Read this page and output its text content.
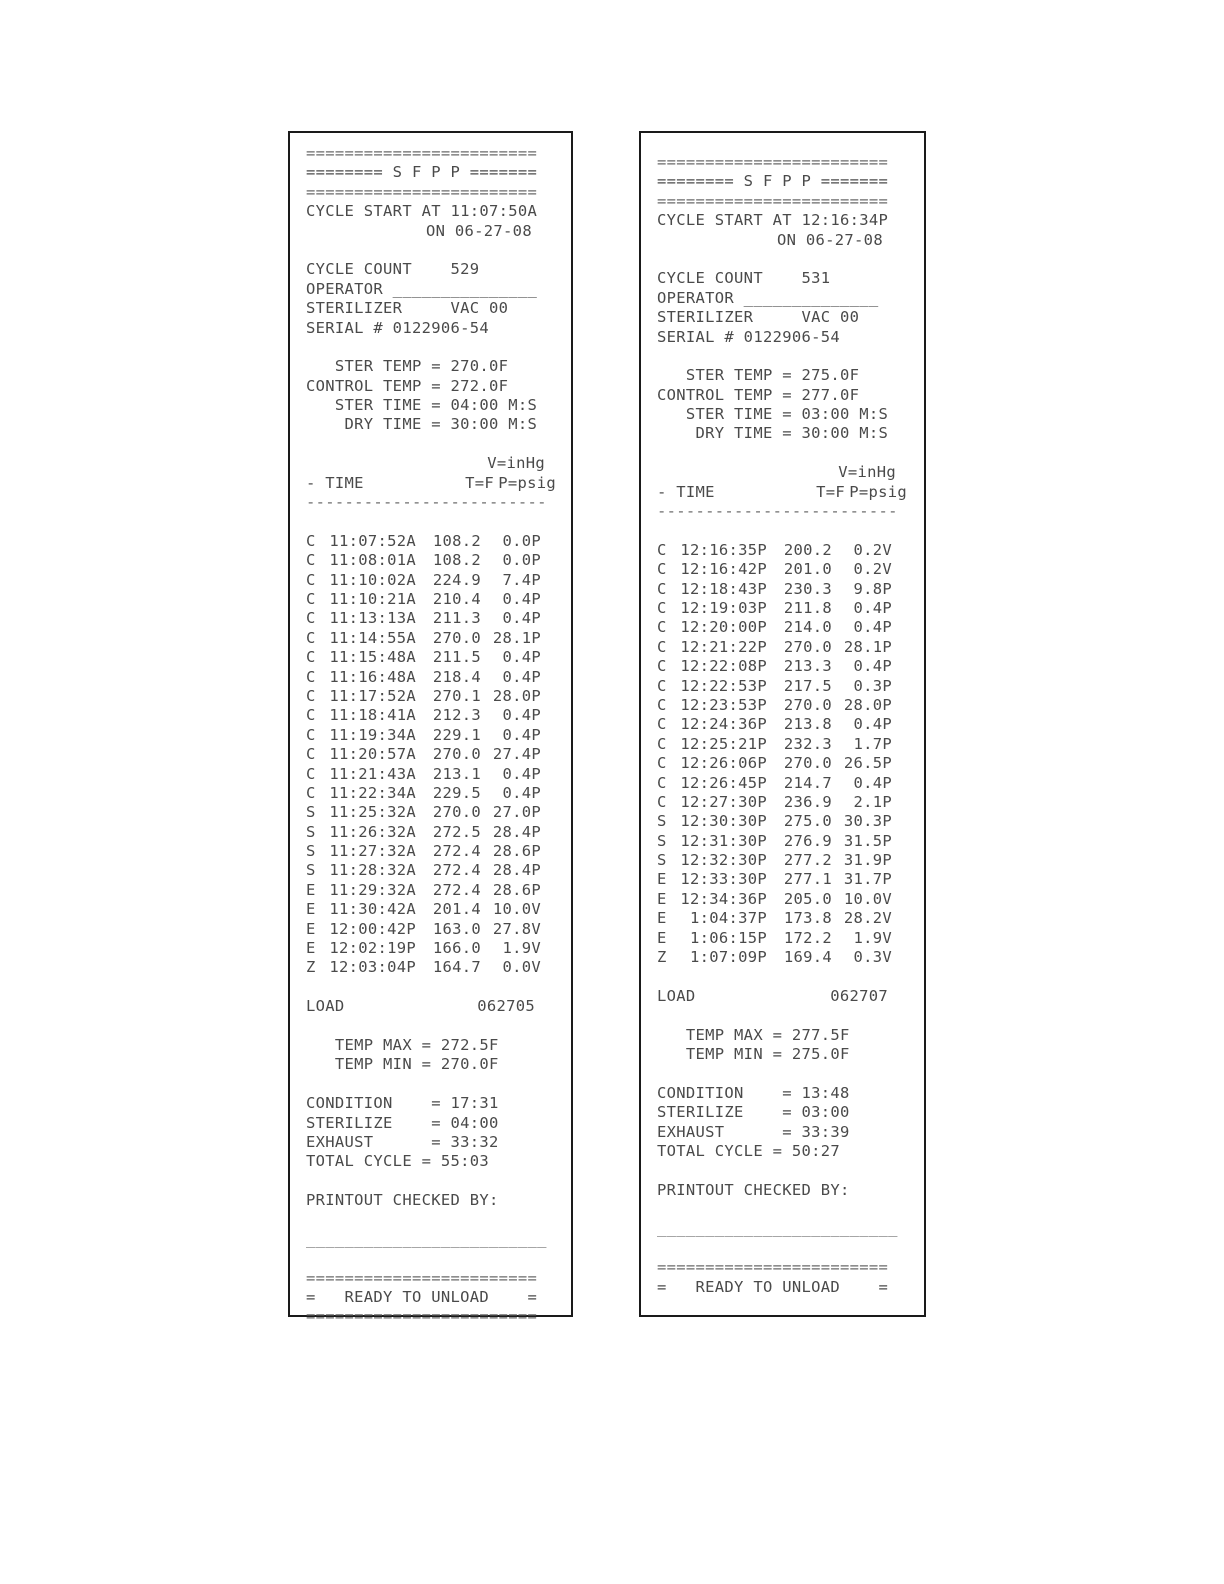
========================
======== S F P P =======
========================
CYCLE START AT 11:07:50A
ON 06-27-08
CYCLE COUNT    529
OPERATOR _______________
STERILIZER     VAC 00
SERIAL # 0122906-54
STER TEMP = 270.0F
CONTROL TEMP = 272.0F
STER TIME = 04:00 M:S
DRY TIME = 30:00 M:S
V=inHg
- TIME	T=F P=psig
-------------------------
C 11:07:52A 108.2 0.0P
C 11:08:01A 108.2 0.0P
C 11:10:02A 224.9 7.4P
C 11:10:21A 210.4 0.4P
C 11:13:13A 211.3 0.4P
C 11:14:55A 270.0 28.1P
C 11:15:48A 211.5 0.4P
C 11:16:48A 218.4 0.4P
C 11:17:52A 270.1 28.0P
C 11:18:41A 212.3 0.4P
C 11:19:34A 229.1 0.4P
C 11:20:57A 270.0 27.4P
C 11:21:43A 213.1 0.4P
C 11:22:34A 229.5 0.4P
S 11:25:32A 270.0 27.0P
S 11:26:32A 272.5 28.4P
S 11:27:32A 272.4 28.6P
S 11:28:32A 272.4 28.4P
E 11:29:32A 272.4 28.6P
E 11:30:42A 201.4 10.0V
E 12:00:42P 163.0 27.8V
E 12:02:19P 166.0 1.9V
Z 12:03:04P 164.7 0.0V
LOAD	062705
TEMP MAX = 272.5F
TEMP MIN = 270.0F
CONDITION    = 17:31
STERILIZE    = 04:00
EXHAUST      = 33:32
TOTAL CYCLE = 55:03
PRINTOUT CHECKED BY:
_________________________
========================
=   READY TO UNLOAD    =
========================
========================
======== S F P P =======
========================
CYCLE START AT 12:16:34P
ON 06-27-08
CYCLE COUNT    531
OPERATOR ______________
STERILIZER     VAC 00
SERIAL # 0122906-54
STER TEMP = 275.0F
CONTROL TEMP = 277.0F
STER TIME = 03:00 M:S
DRY TIME = 30:00 M:S
V=inHg
- TIME	T=F P=psig
-------------------------
C 12:16:35P 200.2 0.2V
C 12:16:42P 201.0 0.2V
C 12:18:43P 230.3 9.8P
C 12:19:03P 211.8 0.4P
C 12:20:00P 214.0 0.4P
C 12:21:22P 270.0 28.1P
C 12:22:08P 213.3 0.4P
C 12:22:53P 217.5 0.3P
C 12:23:53P 270.0 28.0P
C 12:24:36P 213.8 0.4P
C 12:25:21P 232.3 1.7P
C 12:26:06P 270.0 26.5P
C 12:26:45P 214.7 0.4P
C 12:27:30P 236.9 2.1P
S 12:30:30P 275.0 30.3P
S 12:31:30P 276.9 31.5P
S 12:32:30P 277.2 31.9P
E 12:33:30P 277.1 31.7P
E 12:34:36P 205.0 10.0V
E 1:04:37P 173.8 28.2V
E 1:06:15P 172.2 1.9V
Z 1:07:09P 169.4 0.3V
LOAD	062707
TEMP MAX = 277.5F
TEMP MIN = 275.0F
CONDITION    = 13:48
STERILIZE    = 03:00
EXHAUST      = 33:39
TOTAL CYCLE = 50:27
PRINTOUT CHECKED BY:
_________________________
========================
=   READY TO UNLOAD    =
